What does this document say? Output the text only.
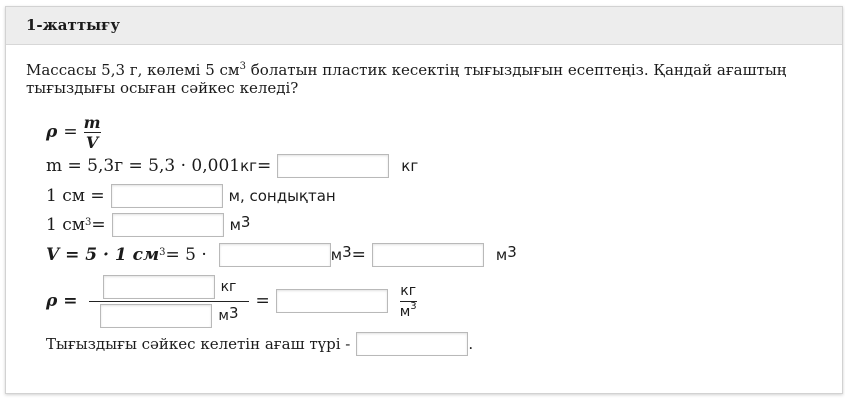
1-жаттығу
Массасы 5,3 г, көлемі 5 $см^3$ болатын пластик кесектің тығыздығын есептеңіз. Қандай ағаштың тығыздығы осыған сәйкес келеді?
$\rho = \frac{m}{V}$
m = 5,3г = 5,3 · 0,001 кг =	кг
1 см =	м, сондықтан
1 $см^3$ =	$м^3$
V = 5 · 1 $см^3 = 5$ ·	$м^3$ =	$м^3$
$\rho = \frac{кг}{м^3}$ =
кг
$м^3$
Тығыздығы сәйкес келетін ағаш түрі -	.
